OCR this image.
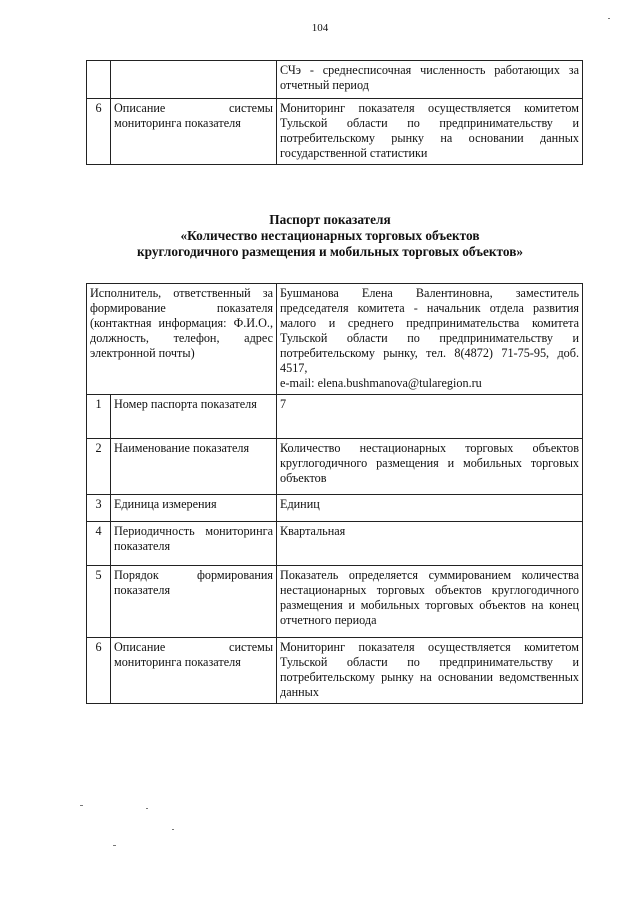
104
		СЧэ - среднесписочная численность работающих за отчетный период
6	Описание системы мониторинга показателя	Мониторинг показателя осуществляется комитетом Тульской области по предпринимательству и потребительскому рынку на основании данных государственной статистики
Паспорт показателя
«Количество нестационарных торговых объектов
круглогодичного размещения и мобильных торговых объектов»
Исполнитель, ответственный за формирование показателя (контактная информация: Ф.И.О., должность, телефон, адрес электронной почты)		Бушманова Елена Валентиновна, заместитель председателя комитета - начальник отдела развития малого и среднего предпринимательства комитета Тульской области по предпринимательству и потребительскому рынку, тел. 8(4872) 71-75-95, доб. 4517,
e-mail: elena.bushmanova@tularegion.ru
1	Номер паспорта показателя	7
2	Наименование показателя	Количество нестационарных торговых объектов круглогодичного размещения и мобильных торговых объектов
3	Единица измерения	Единиц
4	Периодичность мониторинга показателя	Квартальная
5	Порядок формирования показателя	Показатель определяется суммированием количества нестационарных торговых объектов круглогодичного размещения и мобильных торговых объектов на конец отчетного периода
6	Описание системы мониторинга показателя	Мониторинг показателя осуществляется комитетом Тульской области по предпринимательству и потребительскому рынку на основании ведомственных данных
